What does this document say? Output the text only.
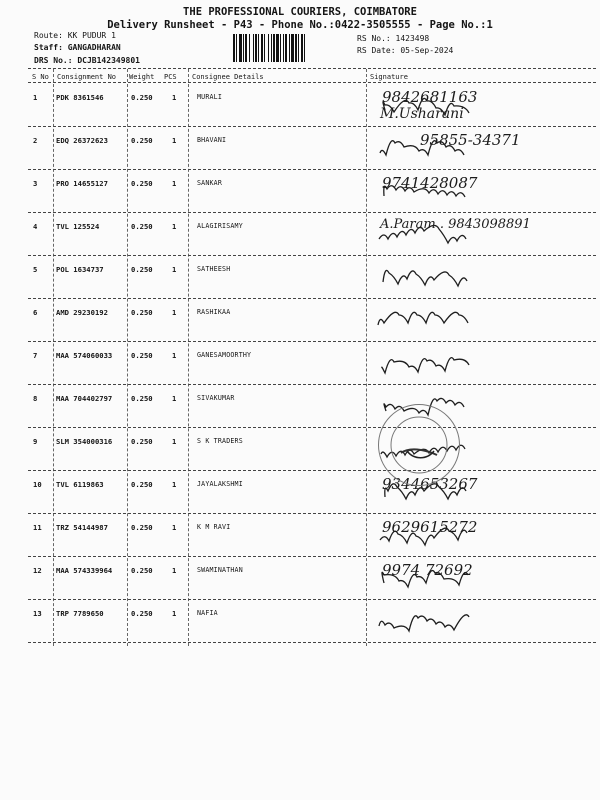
THE PROFESSIONAL COURIERS, COIMBATORE
Delivery Runsheet - P43 - Phone No.:0422-3505555 - Page No.:1
Route: KK PUDUR 1
Staff: GANGADHARAN
DRS No.: DCJB142349801
RS No.: 1423498
RS Date: 05-Sep-2024
S No Consignment No Weight PCS Consignee Details	Signature
1	PDK 8361546	0.250	1	MURALI	9842681163
M.Usharani
2	EDQ 26372623	0.250	1	BHAVANI	95855-34371
3	PRO 14655127	0.250	1	SANKAR	9741428087
4	TVL 125524	0.250	1	ALAGIRISAMY	A.Param . 9843098891
5	POL 1634737	0.250	1	SATHEESH
6	AMD 29230192	0.250	1	RASHIKAA
7	MAA 574060033	0.250	1	GANESAMOORTHY
8	MAA 704402797	0.250	1	SIVAKUMAR
9	SLM 354000316	0.250	1	S K TRADERS
10 TVL 6119863	0.250	1	JAYALAKSHMI	9344653267
11 TRZ 54144987	0.250	1	K M RAVI	9629615272
12 MAA 574339964	0.250	1	SWAMINATHAN	9974 72692
13 TRP 7789650	0.250	1	NAFIA
